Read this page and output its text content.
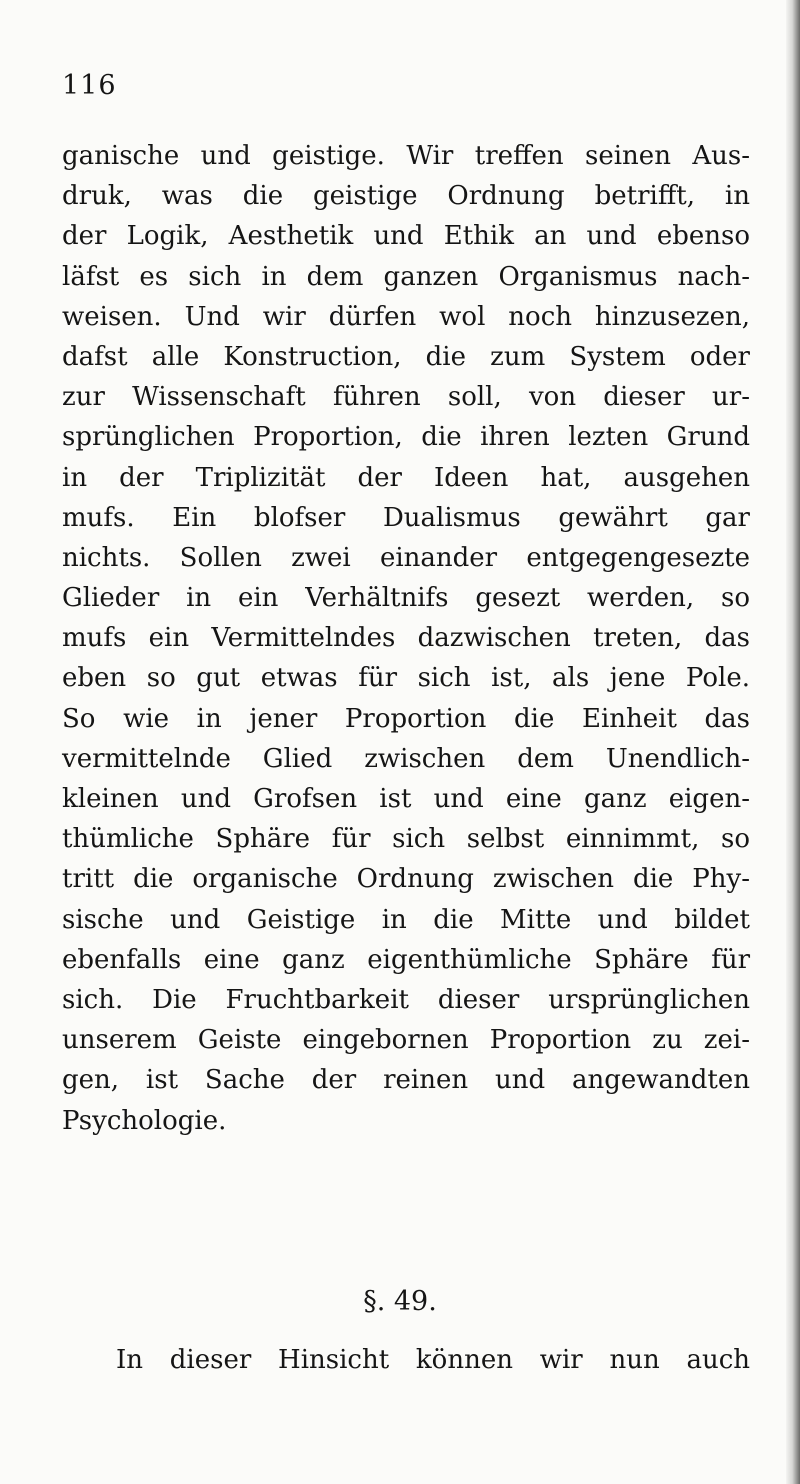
116

ganische und geistige. Wir treffen seinen Aus-
druk, was die geistige Ordnung betrifft, in
der Logik, Aesthetik und Ethik an und ebenso
läfst es sich in dem ganzen Organismus nach-
weisen. Und wir dürfen wol noch hinzusezen,
dafst alle Konstruction, die zum System oder
zur Wissenschaft führen soll, von dieser ur-
sprünglichen Proportion, die ihren lezten Grund
in der Triplizität der Ideen hat, ausgehen
mufs. Ein blofser Dualismus gewährt gar
nichts. Sollen zwei einander entgegengesezte
Glieder in ein Verhältnifs gesezt werden, so
mufs ein Vermittelndes dazwischen treten, das
eben so gut etwas für sich ist, als jene Pole.
So wie in jener Proportion die Einheit das
vermittelnde Glied zwischen dem Unendlich-
kleinen und Grofsen ist und eine ganz eigen-
thümliche Sphäre für sich selbst einnimmt, so
tritt die organische Ordnung zwischen die Phy-
sische und Geistige in die Mitte und bildet
ebenfalls eine ganz eigenthümliche Sphäre für
sich. Die Fruchtbarkeit dieser ursprünglichen
unserem Geiste eingebornen Proportion zu zei-
gen, ist Sache der reinen und angewandten
Psychologie.

§. 49.

In dieser Hinsicht können wir nun auch
